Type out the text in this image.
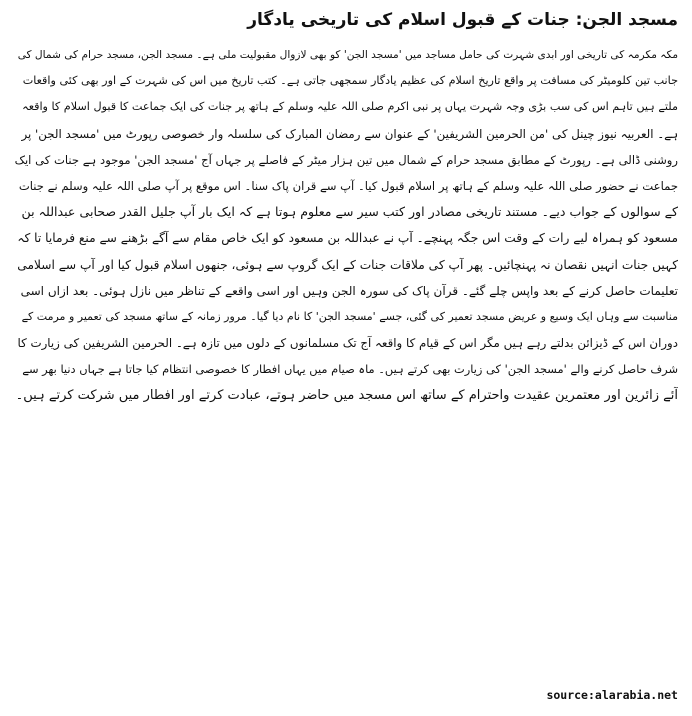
مسجد الجن: جنات کے قبول اسلام کی تاریخی یادگار

مکہ مکرمہ کی تاریخی اور ابدی شہرت کی حامل مساجد میں 'مسجد الجن' کو بھی لازوال مقبولیت ملی ہے۔ مسجد الجن، مسجد حرام کی شمال کی

جانب تین کلومیٹر کی مسافت پر واقع تاریخ اسلام کی عظیم یادگار سمجھی جاتی ہے۔ کتب تاریخ میں اس کی شہرت کے اور بھی کئی واقعات

ملتے ہیں تاہم اس کی سب بڑی وجہ شہرت یہاں پر نبی اکرم صلی اللہ علیہ وسلم کے ہاتھ پر جنات کی ایک جماعت کا قبول اسلام کا واقعہ

ہے۔ العربیہ نیوز چینل کی 'من الحرمین الشریفین' کے عنوان سے رمضان المبارک کی سلسلہ وار خصوصی رپورٹ میں 'مسجد الجن' پر

روشنی ڈالی ہے۔ رپورٹ کے مطابق مسجد حرام کے شمال میں تین ہزار میٹر کے فاصلے پر جہاں آج 'مسجد الجن' موجود ہے جنات کی ایک

جماعت نے حضور صلی اللہ علیہ وسلم کے ہاتھ پر اسلام قبول کیا۔ آپ سے قران پاک سنا۔ اس موقع پر آپ صلی اللہ علیہ وسلم نے جنات

کے سوالوں کے جواب دیے۔ مستند تاریخی مصادر اور کتب سیر سے معلوم ہوتا ہے کہ ایک بار آپ جلیل القدر صحابی عبداللہ بن

مسعود کو ہمراہ لیے رات کے وقت اس جگہ پہنچے۔ آپ نے عبداللہ بن مسعود کو ایک خاص مقام سے آگے بڑھنے سے منع فرمایا تا کہ

کہیں جنات انہیں نقصان نہ پہنچائیں۔ پھر آپ کی ملاقات جنات کے ایک گروپ سے ہوئی، جنھوں اسلام قبول کیا اور آپ سے اسلامی

تعلیمات حاصل کرنے کے بعد واپس چلے گئے۔ قرآن پاک کی سورہ الجن وہیں اور اسی واقعے کے تناظر میں نازل ہوئی۔ بعد ازاں اسی

مناسبت سے وہاں ایک وسیع و عریض مسجد تعمیر کی گئی، جسے 'مسجد الجن' کا نام دیا گیا۔ مرور زمانہ کے ساتھ مسجد کی تعمیر و مرمت کے

دوران اس کے ڈیزائن بدلتے رہے ہیں مگر اس کے قیام کا واقعہ آج تک مسلمانوں کے دلوں میں تازہ ہے۔ الحرمین الشریفین کی زیارت کا

شرف حاصل کرنے والے 'مسجد الجن' کی زیارت بھی کرتے ہیں۔ ماہ صیام میں یہاں افطار کا خصوصی انتظام کیا جاتا ہے جہاں دنیا بھر سے

آئے زائرین اور معتمرین عقیدت واحترام کے ساتھ اس مسجد میں حاضر ہوتے، عبادت کرتے اور افطار میں شرکت کرتے ہیں۔

source:alarabia.net
